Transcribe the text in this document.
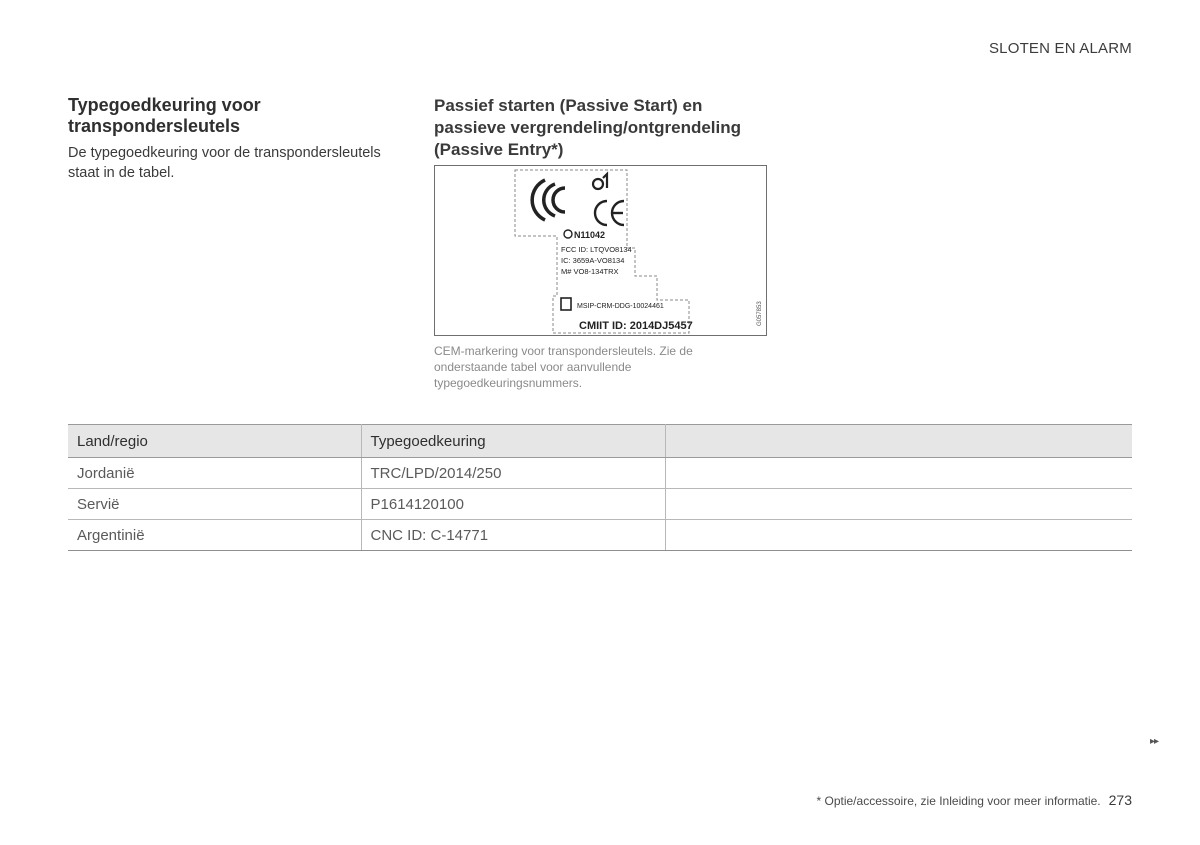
SLOTEN EN ALARM
Typegoedkeuring voor transpondersleutels
De typegoedkeuring voor de transpondersleutels staat in de tabel.
Passief starten (Passive Start) en passieve vergrendeling/ontgrendeling (Passive Entry*)
N11042
FCC ID: LTQVO8134
IC: 3659A-VO8134
M# VO8-134TRX
MSIP-CRM-DDG-10024461
CMIIT ID: 2014DJ5457	G057853
CEM-markering voor transpondersleutels. Zie de onderstaande tabel voor aanvullende typegoedkeuringsnummers.
Land/regio	Typegoedkeuring	
Jordanië	TRC/LPD/2014/250	
Servië	P1614120100	
Argentinië	CNC ID: C-14771	
▸▸
* Optie/accessoire, zie Inleiding voor meer informatie. 273
